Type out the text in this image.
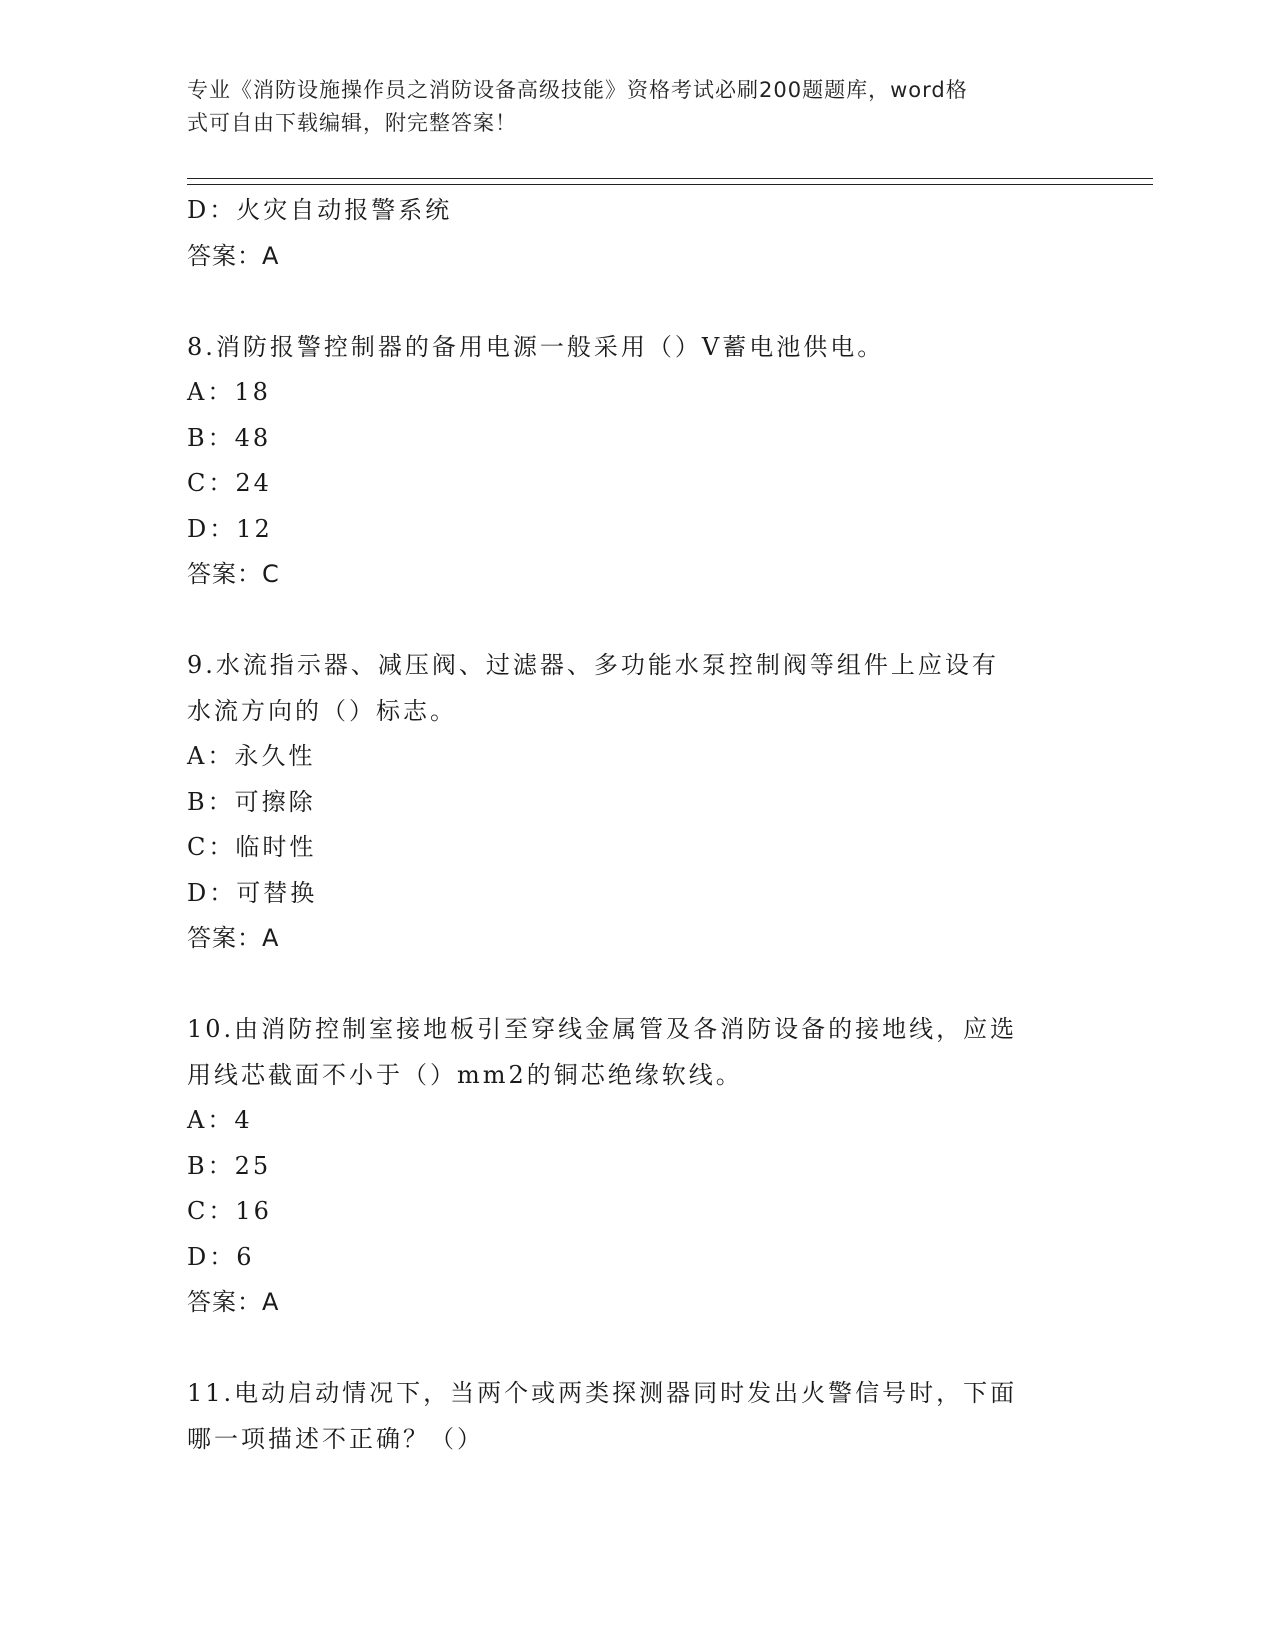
专业《消防设施操作员之消防设备高级技能》资格考试必刷200题题库，word格
式可自由下载编辑，附完整答案！

D：火灾自动报警系统

答案：A

8.消防报警控制器的备用电源一般采用（）V蓄电池供电。

A：18

B：48

C：24

D：12

答案：C

9.水流指示器、减压阀、过滤器、多功能水泵控制阀等组件上应设有

水流方向的（）标志。

A：永久性

B：可擦除

C：临时性

D：可替换

答案：A

10.由消防控制室接地板引至穿线金属管及各消防设备的接地线，应选

用线芯截面不小于（）mm2的铜芯绝缘软线。

A：4

B：25

C：16

D：6

答案：A

11.电动启动情况下，当两个或两类探测器同时发出火警信号时，下面

哪一项描述不正确？（）
